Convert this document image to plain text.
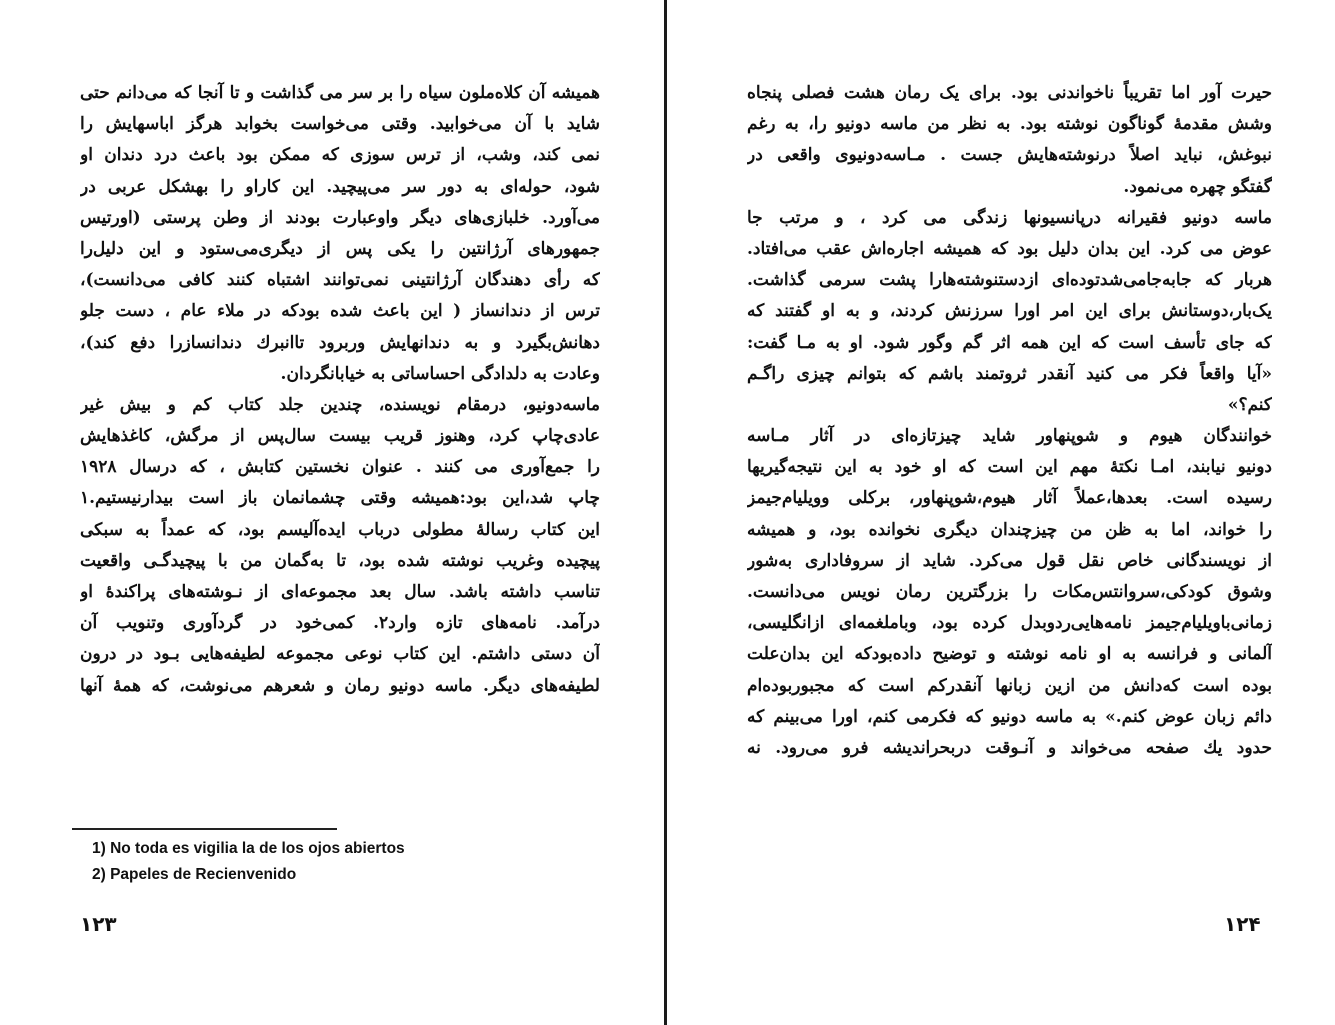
همیشه آن کلاه‌ملون سیاه را بر سر می گذاشت و تا آنجا که می‌دانم حتی
شاید با آن می‌خوابید. وقتی می‌خواست بخوابد هرگز اباسهایش را
نمی کند، وشب، از ترس سوزی که ممکن بود باعث درد دندان او
شود، حوله‌ای به دور سر می‌پیچید. این کاراو را بهشکل عربی در
می‌آورد. خلبازی‌های دیگر واوعبارت بودند از وطن پرستی (اورتیس
جمهورهای آرژانتین را یکی پس از دیگری‌می‌ستود و این دلیل‌را
که رأی دهندگان آرژانتینی نمی‌توانند اشتباه کنند کافی می‌دانست)،
ترس از دندانساز ( این باعث شده بودکه در ملاء عام ، دست جلو
دهانش‌بگیرد و به دندانهایش وربرود تاانبرك دندانسازرا دفع کند)،
وعادت به دلدادگی احساساتی به خیابانگردان.
ماسه‌دونیو، درمقام نویسنده، چندین جلد کتاب کم و بیش غیر
عادی‌چاپ کرد، وهنوز قریب بیست سال‌پس از مرگش، کاغذهایش
را جمع‌آوری می کنند . عنوان نخستین کتابش ، که درسال ۱۹۲۸
چاپ شد،این بود:همیشه وقتی چشمانمان باز است بیدارنیستیم.۱
این کتاب رسالهٔ مطولی درباب ایده‌آلیسم بود، که عمداً به سبکی
پیچیده وغریب نوشته شده بود، تا به‌گمان من با پیچیدگـی واقعیت
تناسب داشته باشد. سال بعد مجموعه‌ای از نـوشته‌های پراکندهٔ او
درآمد. نامه‌های تازه وارد۲. کمی‌خود در گردآوری وتنویب آن
آن دستی داشتم. این کتاب نوعی مجموعه لطیفه‌هایی بـود در درون
لطیفه‌های دیگر. ماسه دونیو رمان و شعرهم می‌نوشت، که همهٔ آنها
1) No toda es vigilia la de los ojos abiertos
2) Papeles de Recienvenido
۱۲۳
حیرت آور اما تقریباً ناخواندنی بود. برای یک رمان هشت فصلی پنجاه
وشش مقدمهٔ گوناگون نوشته بود. به نظر من ماسه دونیو را، به رغم
نبوغش، نباید اصلاً درنوشته‌هایش جست . مـاسه‌دونیوی واقعی در
گفتگو چهره می‌نمود.
ماسه دونیو فقیرانه درپانسیونها زندگی می کرد ، و مرتب جا
عوض می کرد. این بدان دلیل بود که همیشه اجاره‌اش عقب می‌افتاد.
هربار که جابه‌جامی‌شدتوده‌ای ازدستنوشته‌هارا پشت سرمی گذاشت.
یک‌بار،دوستانش برای این امر اورا سرزنش کردند، و به او گفتند که
که جای تأسف است که این همه اثر گم وگور شود. او به مـا گفت:
«آیا واقعاً فکر می کنید آنقدر ثروتمند باشم که بتوانم چیزی راگـم
کنم؟»
خوانندگان هیوم و شوپنهاور شاید چیزتازه‌ای در آثار مـاسه
دونیو نیابند، امـا نکتهٔ مهم این است که او خود به این نتیجه‌گیریها
رسیده است. بعدها،عملاً آثار هیوم،شوپنهاور، برکلی وویلیام‌جیمز
را خواند، اما به ظن من چیزچندان دیگری نخوانده بود، و همیشه
از نویسندگانی خاص نقل قول می‌کرد. شاید از سروفاداری به‌شور
وشوق کودکی،سروانتس‌مکات را بزرگترین رمان نویس می‌دانست.
زمانی‌باویلیام‌جیمز نامه‌هایی‌ردوبدل کرده بود، وباملغمه‌ای ازانگلیسی،
آلمانی و فرانسه به او نامه نوشته و توضیح داده‌بودکه این بدان‌علت
بوده است که‌دانش من ازین زبانها آنقدرکم است که مجبوربوده‌ام
دائم زبان عوض کنم.» به ماسه دونیو که فکرمی کنم، اورا می‌بینم که
حدود یك صفحه می‌خواند و آنـوقت دربحراندیشه فرو می‌رود. نه
۱۲۴
